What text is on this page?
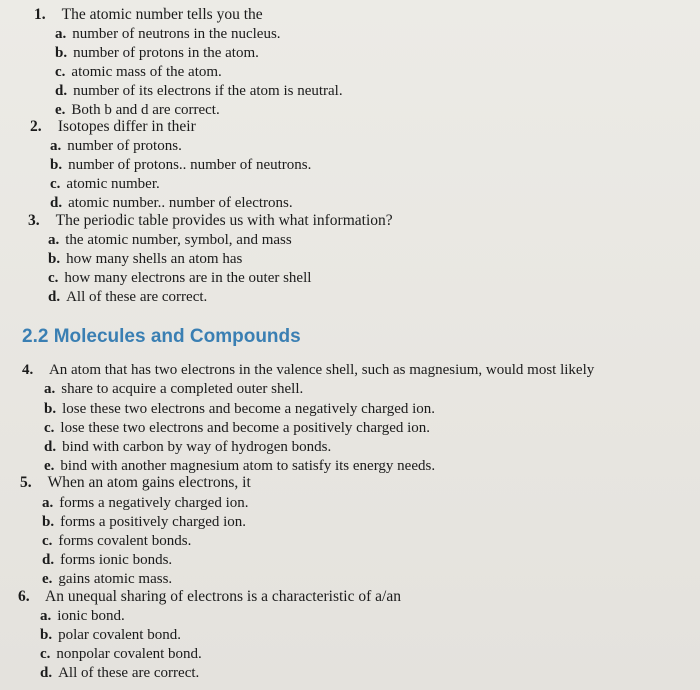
1. The atomic number tells you the
a. number of neutrons in the nucleus.
b. number of protons in the atom.
c. atomic mass of the atom.
d. number of its electrons if the atom is neutral.
e. Both b and d are correct.
2. Isotopes differ in their
a. number of protons.
b. number of protons.. number of neutrons.
c. atomic number.
d. atomic number.. number of electrons.
3. The periodic table provides us with what information?
a. the atomic number, symbol, and mass
b. how many shells an atom has
c. how many electrons are in the outer shell
d. All of these are correct.
2.2 Molecules and Compounds
4. An atom that has two electrons in the valence shell, such as magnesium, would most likely
a. share to acquire a completed outer shell.
b. lose these two electrons and become a negatively charged ion.
c. lose these two electrons and become a positively charged ion.
d. bind with carbon by way of hydrogen bonds.
e. bind with another magnesium atom to satisfy its energy needs.
5. When an atom gains electrons, it
a. forms a negatively charged ion.
b. forms a positively charged ion.
c. forms covalent bonds.
d. forms ionic bonds.
e. gains atomic mass.
6. An unequal sharing of electrons is a characteristic of a/an
a. ionic bond.
b. polar covalent bond.
c. nonpolar covalent bond.
d. All of these are correct.
